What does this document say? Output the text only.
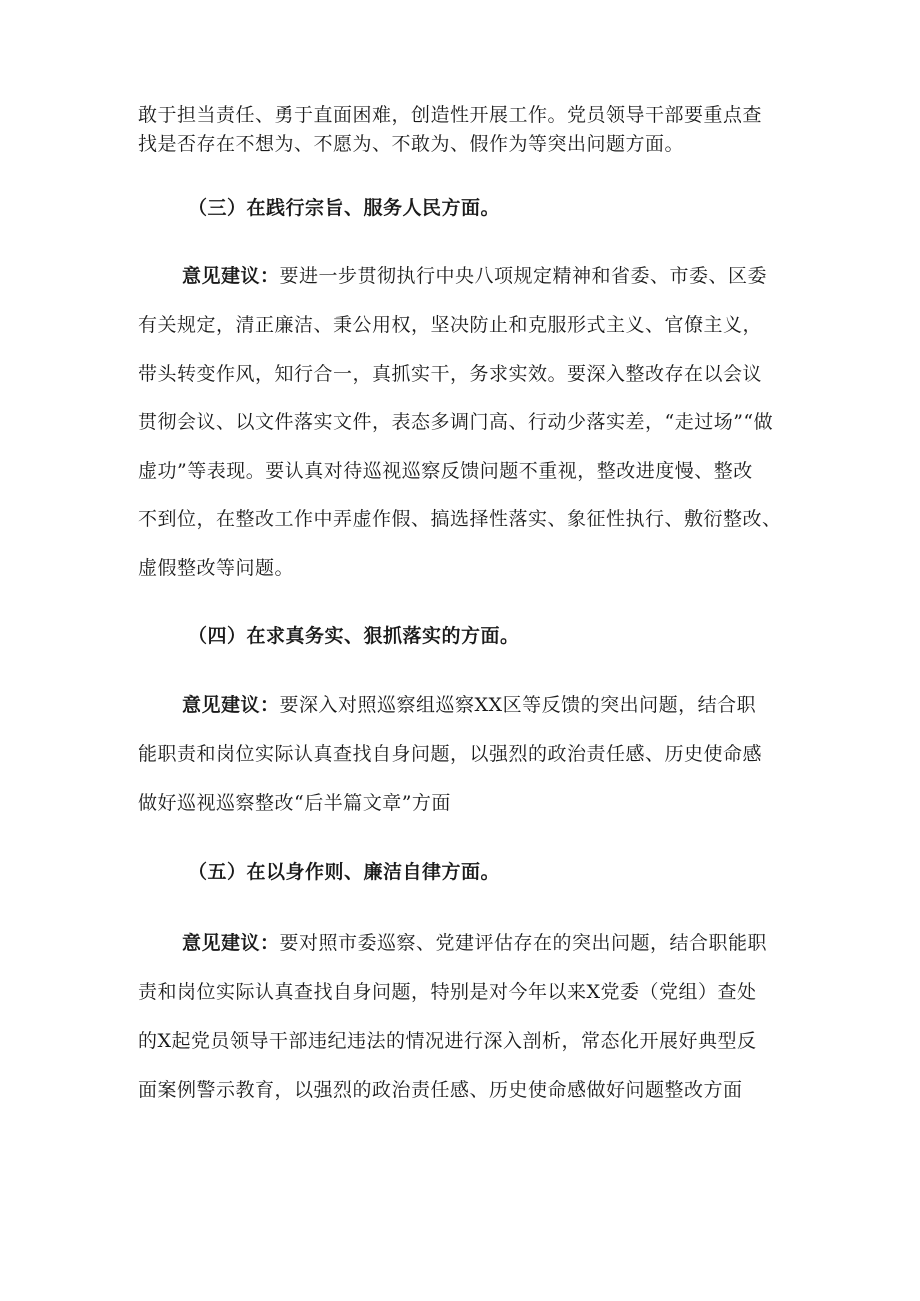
敢于担当责任、勇于直面困难，创造性开展工作。党员领导干部要重点查
找是否存在不想为、不愿为、不敢为、假作为等突出问题方面。
（三）在践行宗旨、服务人民方面。
意见建议：要进一步贯彻执行中央八项规定精神和省委、市委、区委
有关规定，清正廉洁、秉公用权，坚决防止和克服形式主义、官僚主义，
带头转变作风，知行合一，真抓实干，务求实效。要深入整改存在以会议
贯彻会议、以文件落实文件，表态多调门高、行动少落实差，“走过场”“做
虚功”等表现。要认真对待巡视巡察反馈问题不重视，整改进度慢、整改
不到位，在整改工作中弄虚作假、搞选择性落实、象征性执行、敷衍整改、
虚假整改等问题。
（四）在求真务实、狠抓落实的方面。
意见建议：要深入对照巡察组巡察XX区等反馈的突出问题，结合职
能职责和岗位实际认真查找自身问题，以强烈的政治责任感、历史使命感
做好巡视巡察整改“后半篇文章”方面
（五）在以身作则、廉洁自律方面。
意见建议：要对照市委巡察、党建评估存在的突出问题，结合职能职
责和岗位实际认真查找自身问题，特别是对今年以来X党委（党组）查处
的X起党员领导干部违纪违法的情况进行深入剖析，常态化开展好典型反
面案例警示教育，以强烈的政治责任感、历史使命感做好问题整改方面
